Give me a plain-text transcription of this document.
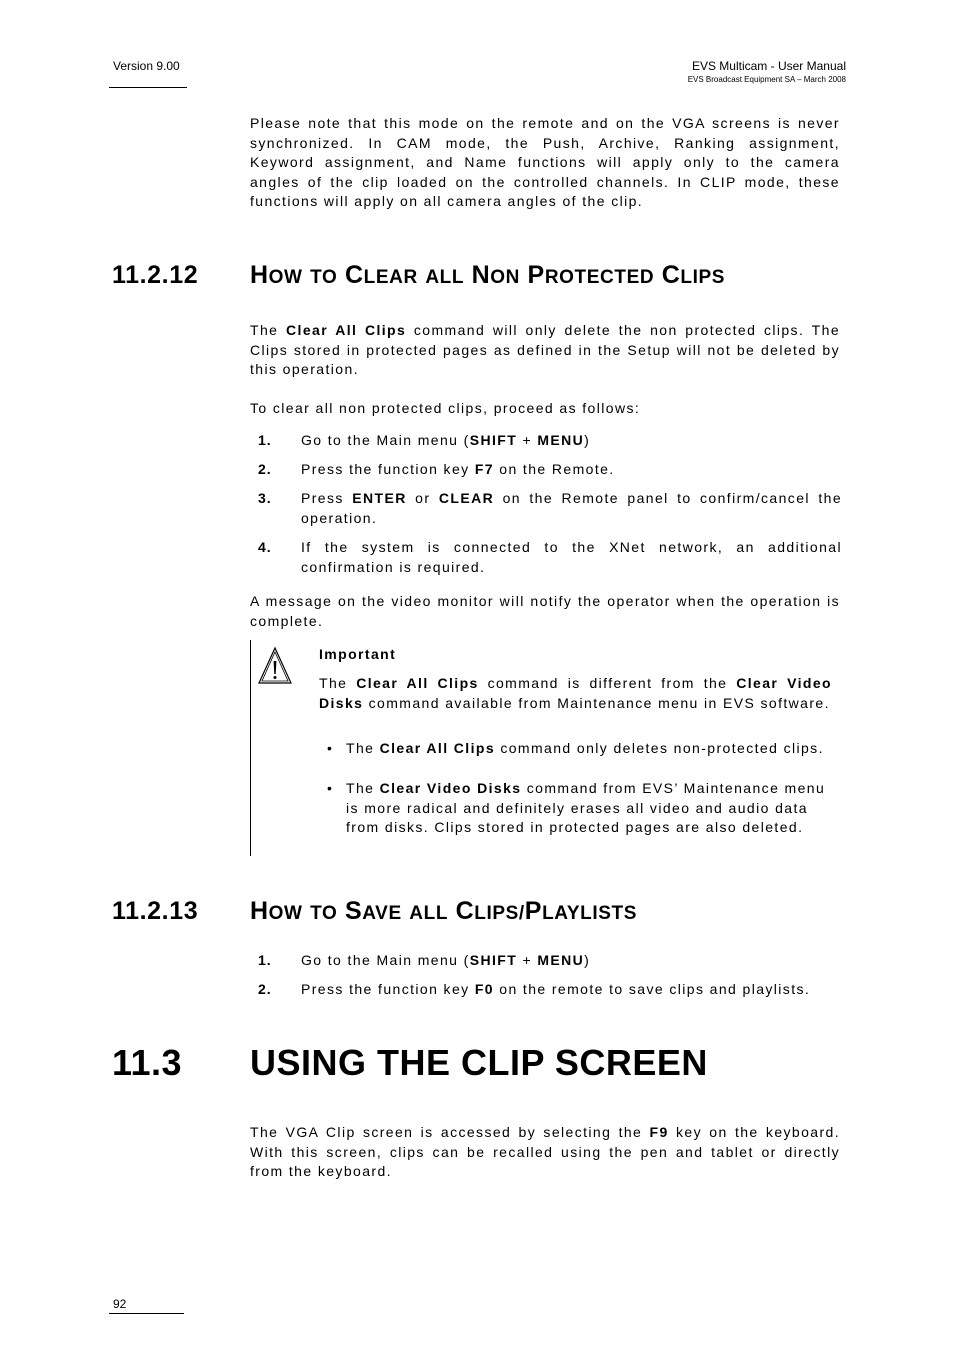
Version 9.00	EVS Multicam - User Manual
EVS Broadcast Equipment SA – March 2008
Please note that this mode on the remote and on the VGA screens is never synchronized. In CAM mode, the Push, Archive, Ranking assignment, Keyword assignment, and Name functions will apply only to the camera angles of the clip loaded on the controlled channels. In CLIP mode, these functions will apply on all camera angles of the clip.
11.2.12 HOW TO CLEAR ALL NON PROTECTED CLIPS
The Clear All Clips command will only delete the non protected clips. The Clips stored in protected pages as defined in the Setup will not be deleted by this operation.
To clear all non protected clips, proceed as follows:
1. Go to the Main menu (SHIFT + MENU)
2. Press the function key F7 on the Remote.
3. Press ENTER or CLEAR on the Remote panel to confirm/cancel the operation.
4. If the system is connected to the XNet network, an additional confirmation is required.
A message on the video monitor will notify the operator when the operation is complete.
Important
The Clear All Clips command is different from the Clear Video Disks command available from Maintenance menu in EVS software.
• The Clear All Clips command only deletes non-protected clips.
• The Clear Video Disks command from EVS’ Maintenance menu is more radical and definitely erases all video and audio data from disks. Clips stored in protected pages are also deleted.
11.2.13 HOW TO SAVE ALL CLIPS/PLAYLISTS
1. Go to the Main menu (SHIFT + MENU)
2. Press the function key F0 on the remote to save clips and playlists.
11.3 USING THE CLIP SCREEN
The VGA Clip screen is accessed by selecting the F9 key on the keyboard. With this screen, clips can be recalled using the pen and tablet or directly from the keyboard.
92
